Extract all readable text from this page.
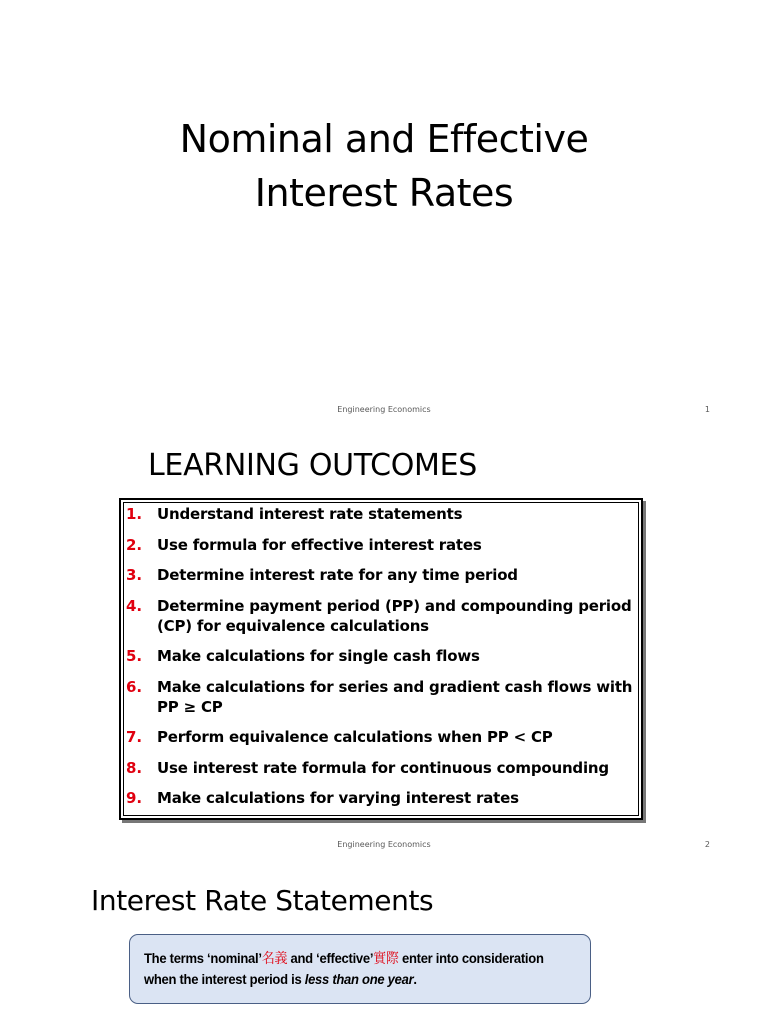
Nominal and Effective
Interest Rates
Engineering Economics	1
LEARNING OUTCOMES
1. Understand interest rate statements
2. Use formula for effective interest rates
3. Determine interest rate for any time period
4. Determine payment period (PP) and compounding period (CP) for equivalence calculations
5. Make calculations for single cash flows
6. Make calculations for series and gradient cash flows with PP ≥ CP
7. Perform equivalence calculations when PP < CP
8. Use interest rate formula for continuous compounding
9. Make calculations for varying interest rates
Engineering Economics	2
Interest Rate Statements
The terms ‘nominal’名義 and ‘effective’實際 enter into consideration when the interest period is less than one year.
